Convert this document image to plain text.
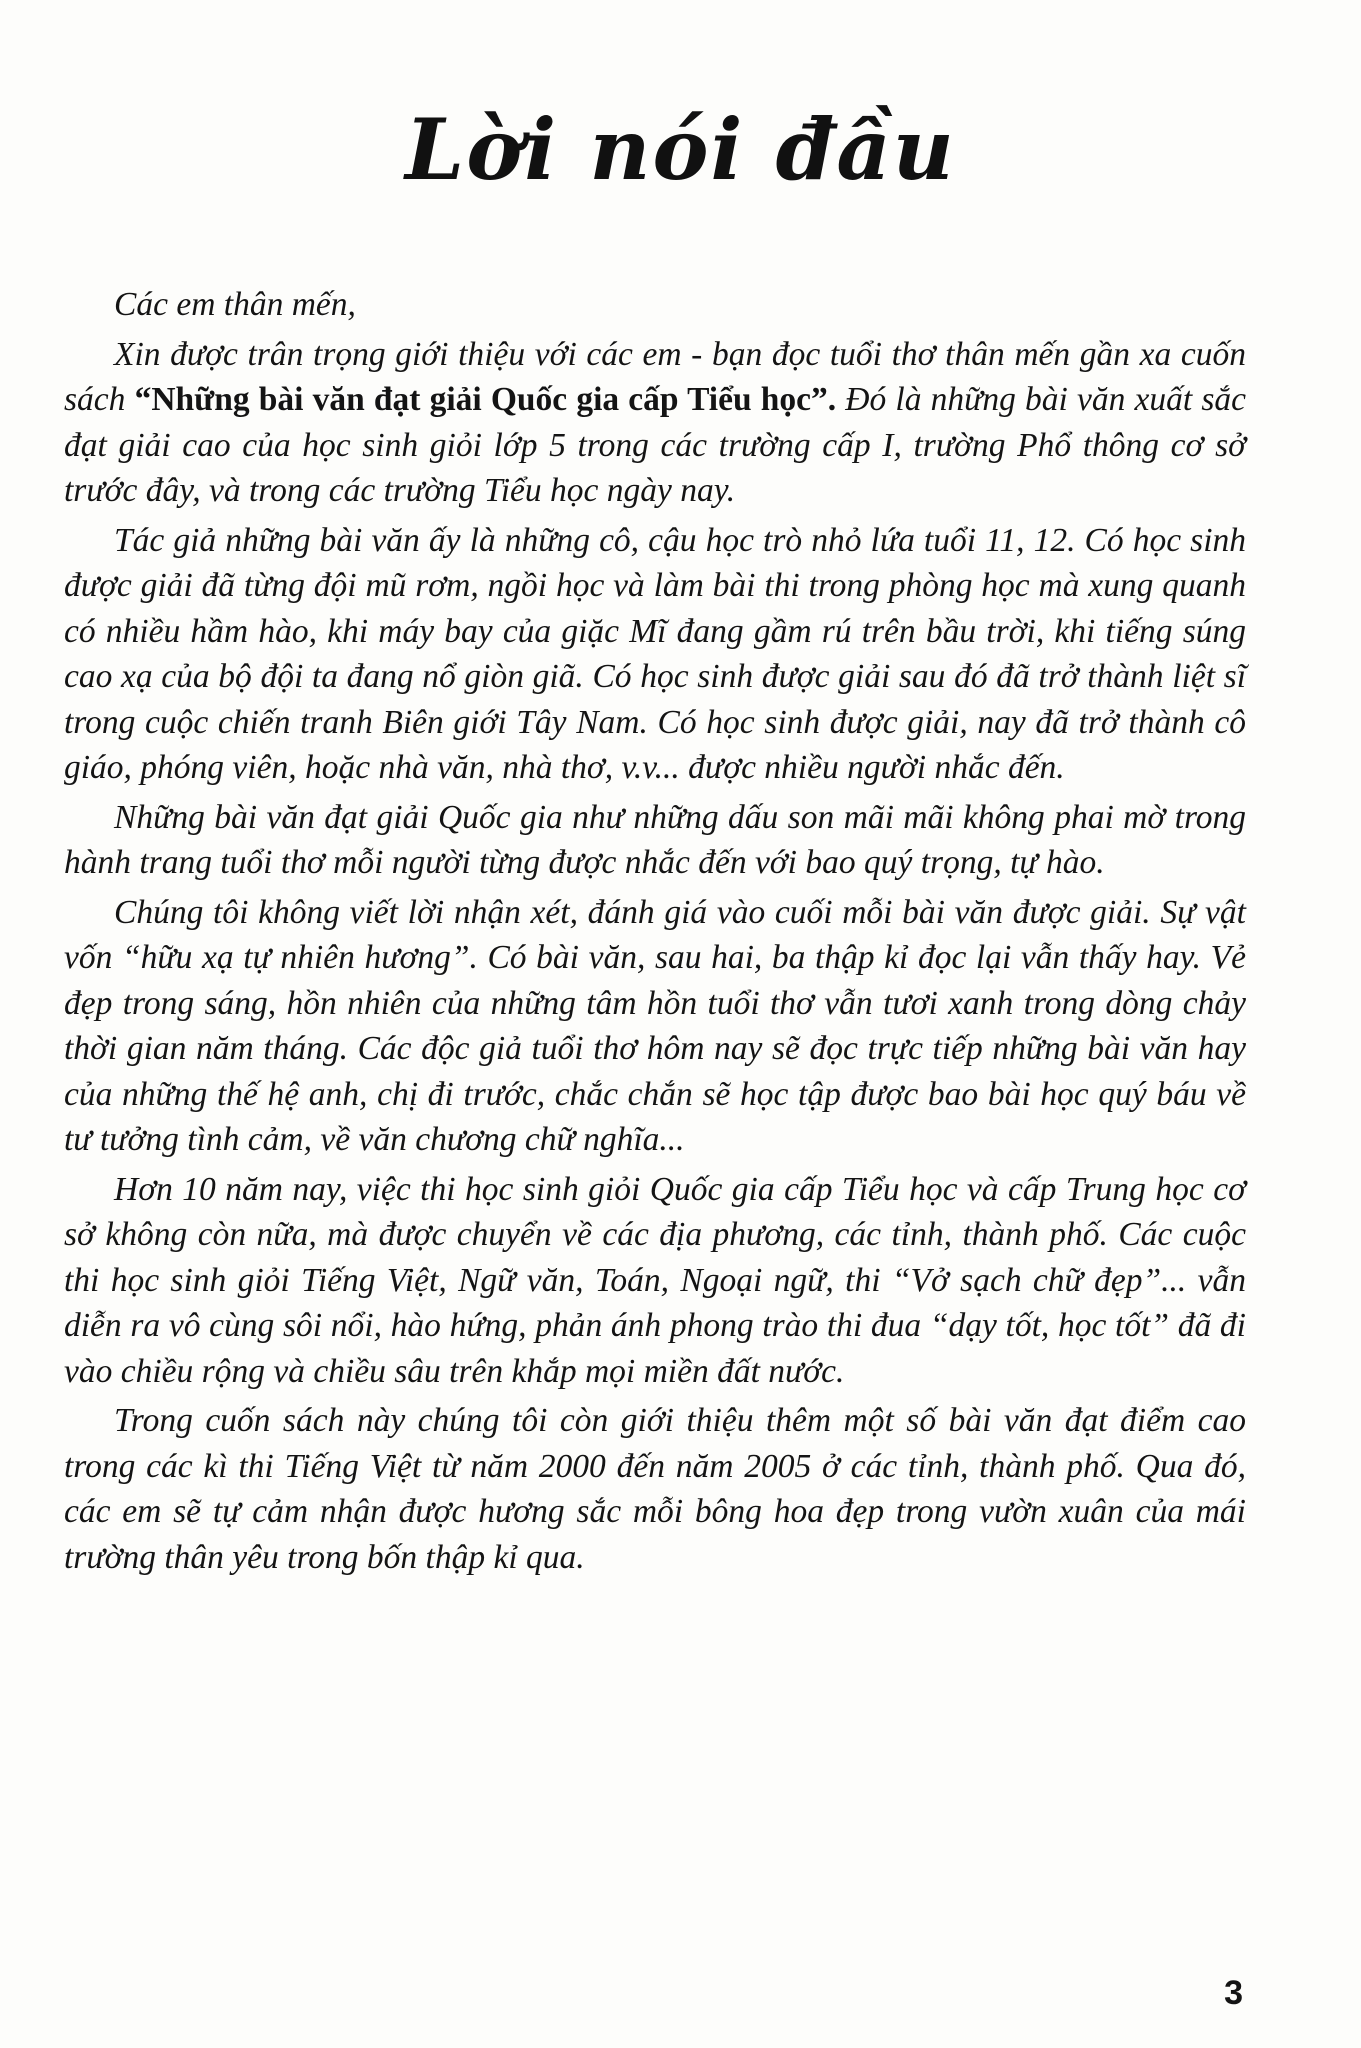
Lời nói đầu

Các em thân mến,

Xin được trân trọng giới thiệu với các em - bạn đọc tuổi thơ thân mến gần xa cuốn sách “Những bài văn đạt giải Quốc gia cấp Tiểu học”. Đó là những bài văn xuất sắc đạt giải cao của học sinh giỏi lớp 5 trong các trường cấp I, trường Phổ thông cơ sở trước đây, và trong các trường Tiểu học ngày nay.

Tác giả những bài văn ấy là những cô, cậu học trò nhỏ lứa tuổi 11, 12. Có học sinh được giải đã từng đội mũ rơm, ngồi học và làm bài thi trong phòng học mà xung quanh có nhiều hầm hào, khi máy bay của giặc Mĩ đang gầm rú trên bầu trời, khi tiếng súng cao xạ của bộ đội ta đang nổ giòn giã. Có học sinh được giải sau đó đã trở thành liệt sĩ trong cuộc chiến tranh Biên giới Tây Nam. Có học sinh được giải, nay đã trở thành cô giáo, phóng viên, hoặc nhà văn, nhà thơ, v.v... được nhiều người nhắc đến.

Những bài văn đạt giải Quốc gia như những dấu son mãi mãi không phai mờ trong hành trang tuổi thơ mỗi người từng được nhắc đến với bao quý trọng, tự hào.

Chúng tôi không viết lời nhận xét, đánh giá vào cuối mỗi bài văn được giải. Sự vật vốn “hữu xạ tự nhiên hương”. Có bài văn, sau hai, ba thập kỉ đọc lại vẫn thấy hay. Vẻ đẹp trong sáng, hồn nhiên của những tâm hồn tuổi thơ vẫn tươi xanh trong dòng chảy thời gian năm tháng. Các độc giả tuổi thơ hôm nay sẽ đọc trực tiếp những bài văn hay của những thế hệ anh, chị đi trước, chắc chắn sẽ học tập được bao bài học quý báu về tư tưởng tình cảm, về văn chương chữ nghĩa...

Hơn 10 năm nay, việc thi học sinh giỏi Quốc gia cấp Tiểu học và cấp Trung học cơ sở không còn nữa, mà được chuyển về các địa phương, các tỉnh, thành phố. Các cuộc thi học sinh giỏi Tiếng Việt, Ngữ văn, Toán, Ngoại ngữ, thi “Vở sạch chữ đẹp”... vẫn diễn ra vô cùng sôi nổi, hào hứng, phản ánh phong trào thi đua “dạy tốt, học tốt” đã đi vào chiều rộng và chiều sâu trên khắp mọi miền đất nước.

Trong cuốn sách này chúng tôi còn giới thiệu thêm một số bài văn đạt điểm cao trong các kì thi Tiếng Việt từ năm 2000 đến năm 2005 ở các tỉnh, thành phố. Qua đó, các em sẽ tự cảm nhận được hương sắc mỗi bông hoa đẹp trong vườn xuân của mái trường thân yêu trong bốn thập kỉ qua.

3
